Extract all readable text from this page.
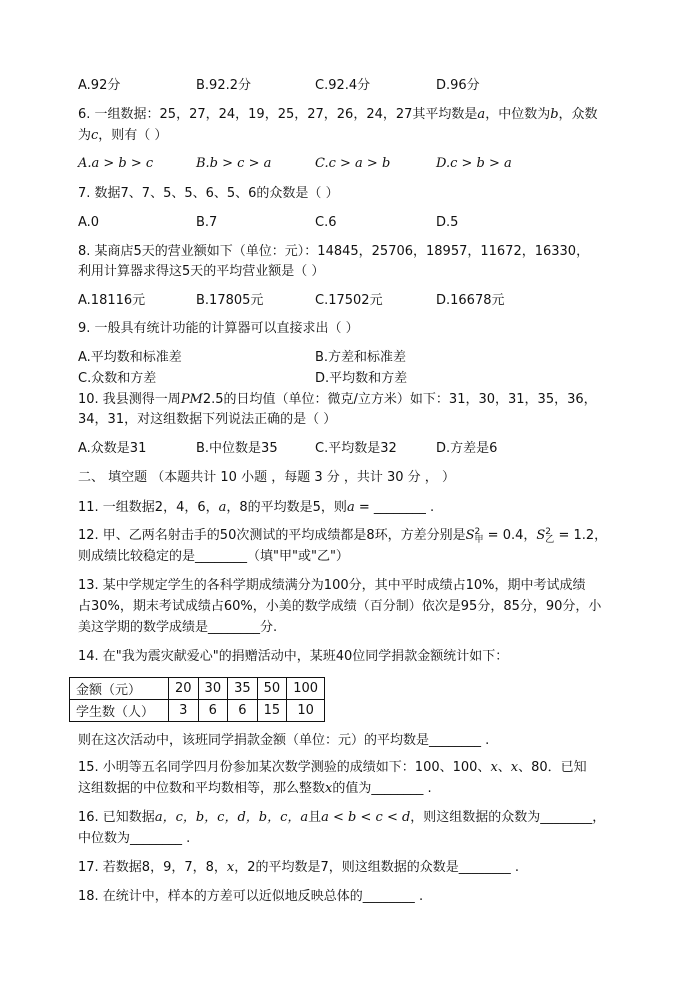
A.92分	B.92.2分	C.92.4分	D.96分
6. 一组数据：25，27，24，19，25，27，26，24，27其平均数是a，中位数为b，众数
为c，则有（ ）
A.a > b > c	B.b > c > a	C.c > a > b	D.c > b > a
7. 数据7、7、5、5、6、5、6的众数是（ ）
A.0	B.7	C.6	D.5
8. 某商店5天的营业额如下（单位：元）：14845，25706，18957，11672，16330，
利用计算器求得这5天的平均营业额是（ ）
A.18116元	B.17805元	C.17502元	D.16678元
9. 一般具有统计功能的计算器可以直接求出（ ）
A.平均数和标准差	B.方差和标准差
C.众数和方差	D.平均数和方差
10. 我县测得一周PM2.5的日均值（单位：微克/立方米）如下：31，30，31，35，36，
34，31，对这组数据下列说法正确的是（ ）
A.众数是31	B.中位数是35	C.平均数是32	D.方差是6
二、 填空题 （本题共计 10 小题 ，每题 3 分 ，共计 30 分 ， ）
11. 一组数据2，4，6，a，8的平均数是5，则a = ________ .
12. 甲、乙两名射击手的50次测试的平均成绩都是8环，方差分别是S 2
甲 = 0.4，S 2
乙 = 1.2，
则成绩比较稳定的是________（填"甲"或"乙"）
13. 某中学规定学生的各科学期成绩满分为100分，其中平时成绩占10%，期中考试成绩
占30%，期末考试成绩占60%，小美的数学成绩（百分制）依次是95分，85分，90分，小
美这学期的数学成绩是________分.
14. 在"我为震灾献爱心"的捐赠活动中，某班40位同学捐款金额统计如下：
金额（元）	20	30	35	50	100
学生数（人）	3	6	6	15	10
则在这次活动中，该班同学捐款金额（单位：元）的平均数是________ .
15. 小明等五名同学四月份参加某次数学测验的成绩如下：100、100、x、x、80．已知
这组数据的中位数和平均数相等，那么整数x的值为________ .
16. 已知数据a，c，b，c，d，b，c，a且a < b < c < d，则这组数据的众数为________，
中位数为________ .
17. 若数据8，9，7，8，x，2的平均数是7，则这组数据的众数是________ .
18. 在统计中，样本的方差可以近似地反映总体的________ .
